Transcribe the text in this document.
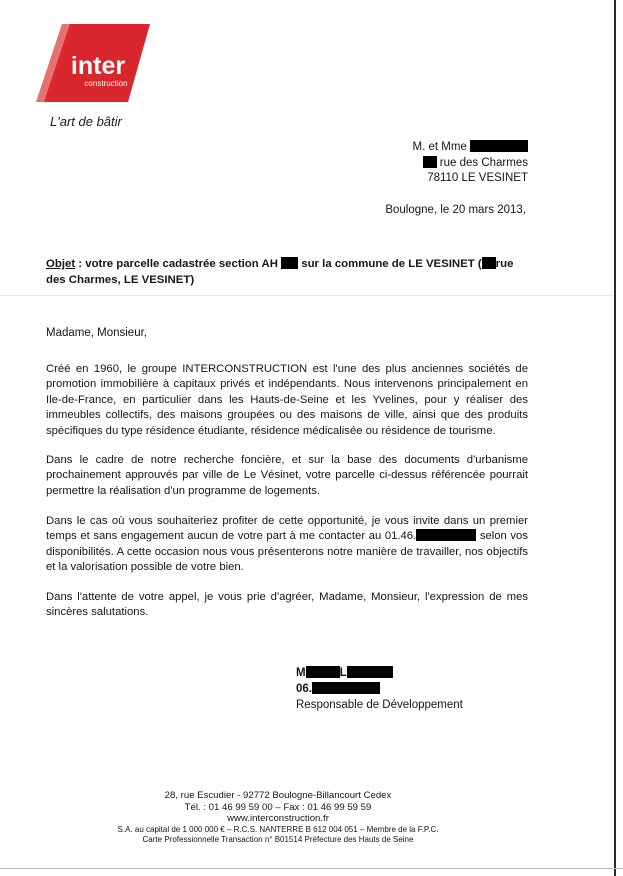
inter
construction
L'art de bâtir
M. et Mme
rue des Charmes
78110 LE VESINET
Boulogne, le 20 mars 2013,
Objet : votre parcelle cadastrée section AH sur la commune de LE VESINET ( rue des Charmes, LE VESINET)
Madame, Monsieur,

Créé en 1960, le groupe INTERCONSTRUCTION est l'une des plus anciennes sociétés de promotion immobilière à capitaux privés et indépendants. Nous intervenons principalement en Ile-de-France, en particulier dans les Hauts-de-Seine et les Yvelines, pour y réaliser des immeubles collectifs, des maisons groupées ou des maisons de ville, ainsi que des produits spécifiques du type résidence étudiante, résidence médicalisée ou résidence de tourisme.

Dans le cadre de notre recherche foncière, et sur la base des documents d'urbanisme prochainement approuvés par ville de Le Vésinet, votre parcelle ci-dessus référencée pourrait permettre la réalisation d'un programme de logements.

Dans le cas où vous souhaiteriez profiter de cette opportunité, je vous invite dans un premier temps et sans engagement aucun de votre part à me contacter au 01.46.	selon vos disponibilités. A cette occasion nous vous présenterons notre manière de travailler, nos objectifs et la valorisation possible de votre bien.

Dans l'attente de votre appel, je vous prie d'agréer, Madame, Monsieur, l'expression de mes sincères salutations.

M	L
06.
Responsable de Développement
28, rue Escudier - 92772 Boulogne-Billancourt Cedex
Tél. : 01 46 99 59 00 – Fax : 01 46 99 59 59
www.interconstruction.fr
S.A. au capital de 1 000 000 € – R.C.S. NANTERRE B 612 004 051 – Membre de la F.P.C.
Carte Professionnelle Transaction n° B01514 Préfecture des Hauts de Seine
